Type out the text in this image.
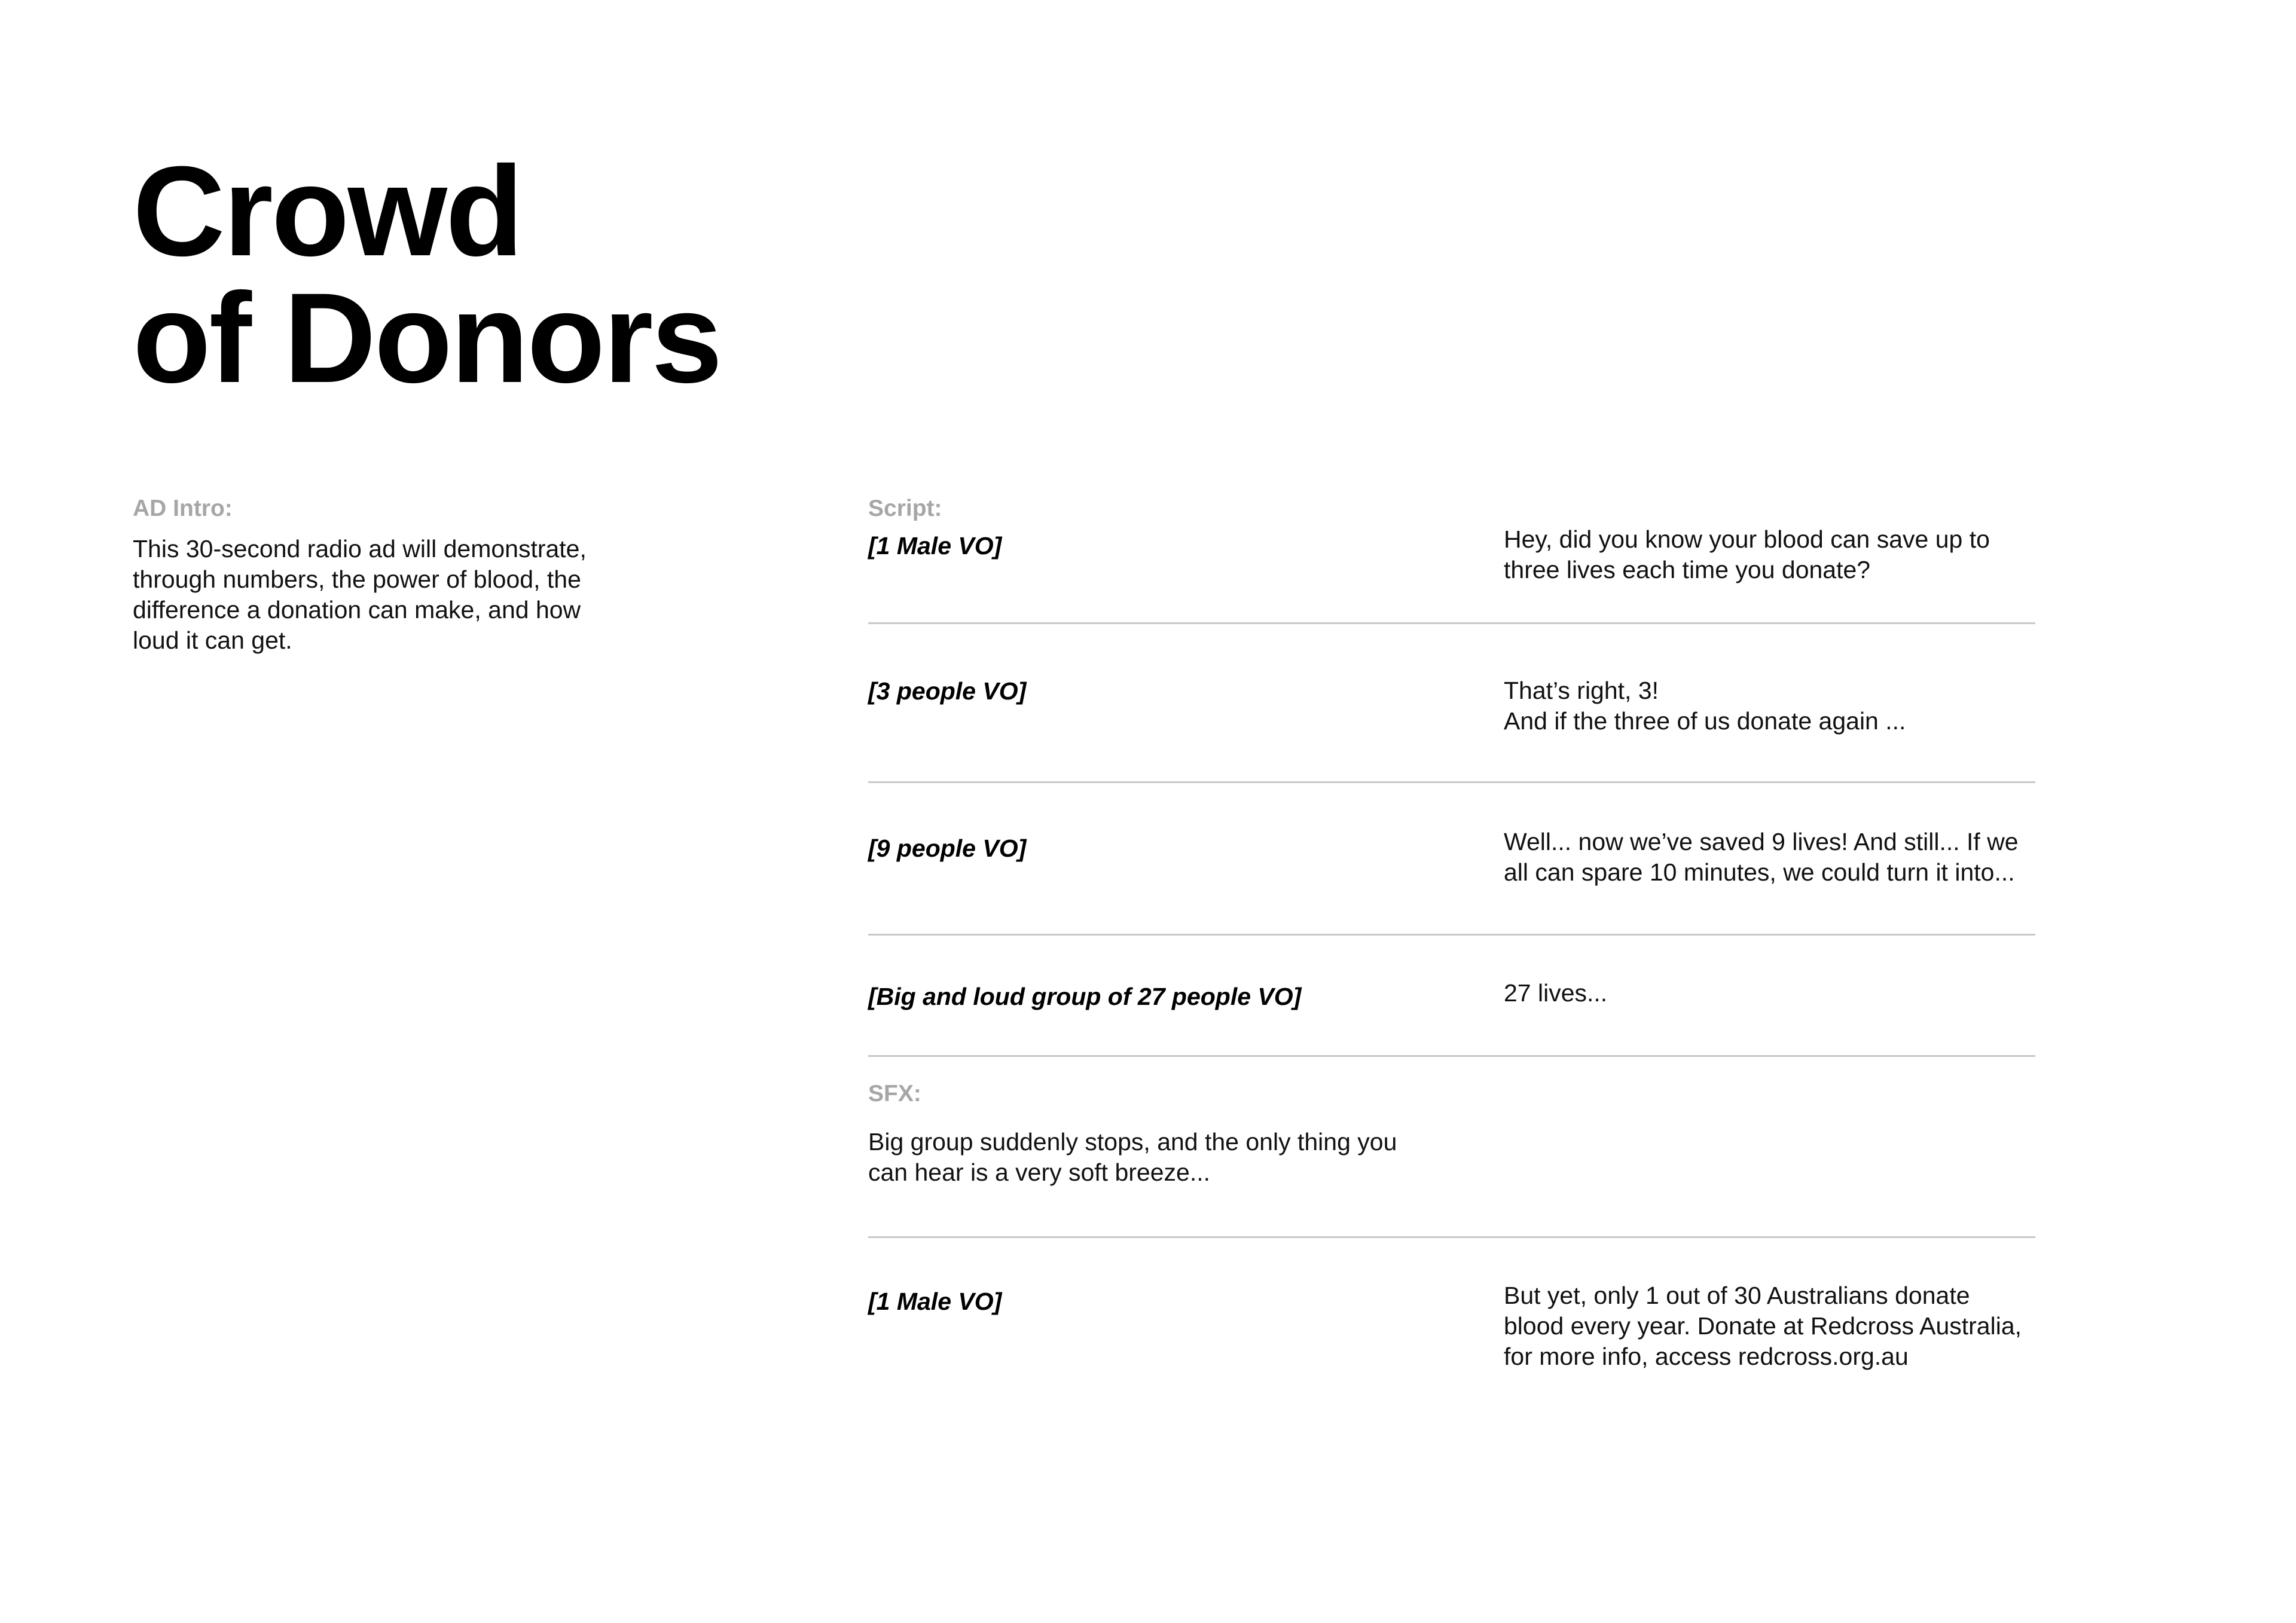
Crowd
of Donors
AD Intro:
This 30-second radio ad will demonstrate, through numbers, the power of blood, the difference a donation can make, and how loud it can get.
Script:
[1 Male VO]	Hey, did you know your blood can save up to
three lives each time you donate?
[3 people VO]	That’s right, 3!
And if the three of us donate again ...
[9 people VO]	Well... now we’ve saved 9 lives! And still... If we
all can spare 10 minutes, we could turn it into...
[Big and loud group of 27 people VO]	27 lives...
SFX:
Big group suddenly stops, and the only thing you can hear is a very soft breeze...
[1 Male VO]	But yet, only 1 out of 30 Australians donate
blood every year. Donate at Redcross Australia,
for more info, access redcross.org.au
